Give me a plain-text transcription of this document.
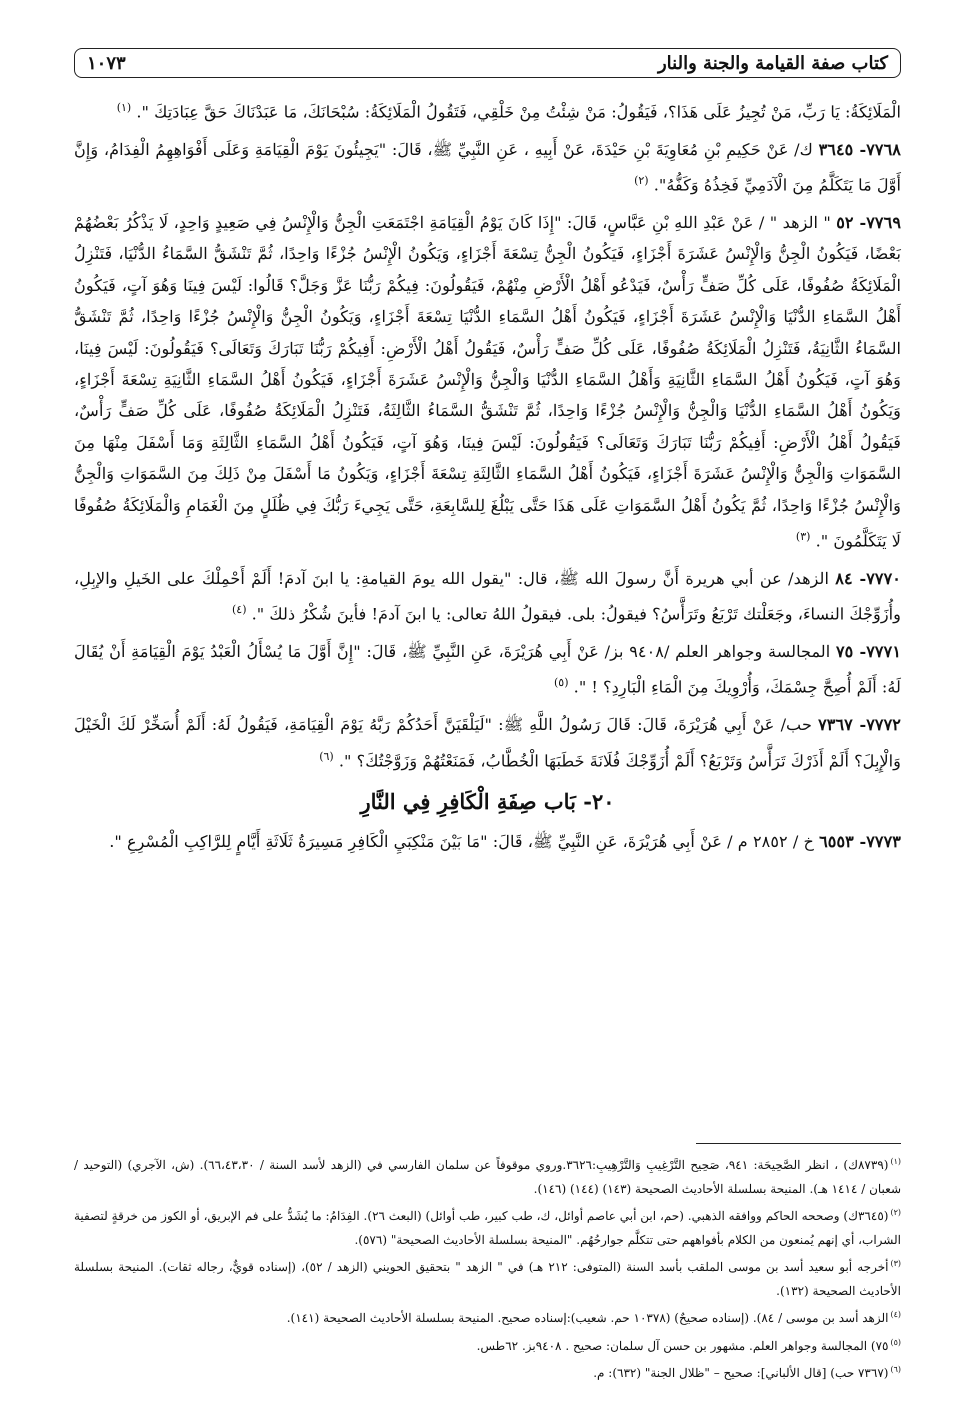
كتاب صفة القيامة والجنة والنار
١٠٧٣

الْمَلَائِكَةُ: يَا رَبِّ، مَنْ تُجِيزُ عَلَى هَذَا؟، فَيَقُولُ: مَنْ شِئْتُ مِنْ خَلْقِي، فَتَقُولُ الْمَلَائِكَةُ: سُبْحَانَكَ، مَا عَبَدْنَاكَ حَقَّ عِبَادَتِكَ ". $^{(١)}$

٧٧٦٨- ٣٦٤٥ ك/ عَنْ حَكِيمِ بْنِ مُعَاوِيَةَ بْنِ حَيْدَةَ، عَنْ أَبِيهِ ، عَنِ النَّبِيِّ ﷺ، قَالَ: "يَجِيئُونَ يَوْمَ الْقِيَامَةِ وَعَلَى أَفْوَاهِهِمُ الْفِدَامُ، وَإِنَّ أَوَّلَ مَا يَتَكَلَّمُ مِنَ الْآدَمِيِّ فَخِذُهُ وَكَفُّهُ". $^{(٢)}$

٧٧٦٩- ٥٢ " الزهد " / عَنْ عَبْدِ اللهِ بْنِ عَبَّاسٍ، قَالَ: "إِذَا كَانَ يَوْمُ الْقِيَامَةِ اجْتَمَعَتِ الْجِنُّ وَالْإِنْسُ فِي صَعِيدٍ وَاحِدٍ، لَا يَذْكُرُ بَعْضُهُمْ بَعْضًا، فَيَكُونُ الْجِنُّ وَالْإِنْسُ عَشَرَةَ أَجْزَاءٍ، فَيَكُونُ الْجِنُّ تِسْعَةَ أَجْزَاءٍ، وَيَكُونُ الْإِنْسُ جُزْءًا وَاحِدًا، ثُمَّ تَنْشَقُّ السَّمَاءُ الدُّنْيَا، فَتَنْزِلُ الْمَلَائِكَةُ صُفُوفًا، عَلَى كُلِّ صَفٍّ رَأْسٌ، فَيَدْعُو أَهْلُ الْأَرْضِ مِنْهُمْ، فَيَقُولُونَ: فِيكُمْ رَبُّنَا عَزَّ وَجَلَّ؟ قَالُوا: لَيْسَ فِينَا وَهُوَ آتٍ، فَيَكُونُ أَهْلُ السَّمَاءِ الدُّنْيَا وَالْإِنْسُ عَشَرَةَ أَجْزَاءٍ، فَيَكُونُ أَهْلُ السَّمَاءِ الدُّنْيَا تِسْعَةَ أَجْزَاءٍ، وَيَكُونُ الْجِنُّ وَالْإِنْسُ جُزْءًا وَاحِدًا، ثُمَّ تَنْشَقُّ السَّمَاءُ الثَّانِيَةُ، فَتَنْزِلُ الْمَلَائِكَةُ صُفُوفًا، عَلَى كُلِّ صَفٍّ رَأْسٌ، فَيَقُولُ أَهْلُ الْأَرْضِ: أَفِيكُمْ رَبُّنَا تَبَارَكَ وَتَعَالَى؟ فَيَقُولُونَ: لَيْسَ فِينَا، وَهُوَ آتٍ، فَيَكُونُ أَهْلُ السَّمَاءِ الثَّانِيَةِ وَأَهْلُ السَّمَاءِ الدُّنْيَا وَالْجِنُّ وَالْإِنْسُ عَشَرَةَ أَجْزَاءٍ، فَيَكُونُ أَهْلُ السَّمَاءِ الثَّانِيَةِ تِسْعَةَ أَجْزَاءٍ، وَيَكُونُ أَهْلُ السَّمَاءِ الدُّنْيَا وَالْجِنُّ وَالْإِنْسُ جُزْءًا وَاحِدًا، ثُمَّ تَنْشَقُّ السَّمَاءُ الثَّالِثَةُ، فَتَنْزِلُ الْمَلَائِكَةُ صُفُوفًا، عَلَى كُلِّ صَفٍّ رَأْسٌ، فَيَقُولُ أَهْلُ الْأَرْضِ: أَفِيكُمْ رَبُّنَا تَبَارَكَ وَتَعَالَى؟ فَيَقُولُونَ: لَيْسَ فِينَا، وَهُوَ آتٍ، فَيَكُونُ أَهْلُ السَّمَاءِ الثَّالِثَةِ وَمَا أَسْفَلَ مِنْهَا مِنَ السَّمَوَاتِ وَالْجِنُّ وَالْإِنْسُ عَشَرَةَ أَجْزَاءٍ، فَيَكُونُ أَهْلُ السَّمَاءِ الثَّالِثَةِ تِسْعَةَ أَجْزَاءٍ، وَيَكُونُ مَا أَسْفَلَ مِنْ ذَلِكَ مِنَ السَّمَوَاتِ وَالْجِنُّ وَالْإِنْسُ جُزْءًا وَاحِدًا، ثُمَّ يَكُونُ أَهْلُ السَّمَوَاتِ عَلَى هَذَا حَتَّى يَبْلُغَ لِلسَّابِعَةِ، حَتَّى يَجِيءَ رَبُّكَ فِي ظُلَلٍ مِنَ الْغَمَامِ وَالْمَلَائِكَةُ صُفُوفًا لَا يَتَكَلَّمُونَ ". $^{(٣)}$

٧٧٧٠- ٨٤ الزهد/ عن أبي هريرة أَنَّ رسولَ الله ﷺ، قال: "يقول الله يومَ القيامةِ: يا ابنَ آدمَ! أَلَمْ أَحْمِلْكَ على الخَيلِ والإبِلِ، وأُزَوِّجْكَ النساءَ، وجَعَلْتك تَرْبَعُ وتَرَأَّسُ؟ فيقولُ: بلى. فيقولُ اللهُ تعالى: يا ابنَ آدمَ! فأينَ شُكْرُ ذلكَ ". $^{(٤)}$

٧٧٧١- ٧٥ المجالسة وجواهر العلم /٩٤٠٨ بز/ عَنْ أَبِي هُرَيْرَةَ، عَنِ النَّبِيِّ ﷺ، قَالَ: "إِنَّ أَوَّلَ مَا يُسْأَلُ الْعَبْدُ يَوْمَ الْقِيَامَةِ أَنْ يُقَالَ لَهُ: أَلَمْ أُصِحَّ جِسْمَكَ، وَأُرْوِيكَ مِنَ الْمَاءِ الْبَارِدِ؟ ! ". $^{(٥)}$

٧٧٧٢- ٧٣٦٧ حب/ عَنْ أَبِي هُرَيْرَةَ، قَالَ: قَالَ رَسُولُ اللَّهِ ﷺ: "لَيَلْقَيَنَّ أَحَدُكُمْ رَبَّهُ يَوْمَ الْقِيَامَةِ، فَيَقُولُ لَهُ: أَلَمْ أُسَخِّرْ لَكَ الْخَيْلَ وَالْإِبِلَ؟ أَلَمْ أَذَرْكَ تَرَأَّسُ وَتَرْبَعُ؟ أَلَمْ أُزَوِّجْكَ فُلَانَةَ خَطَبَهَا الْخُطَّابُ، فَمَنَعْتُهُمْ وَزَوَّجْتُكَ؟ ". $^{(٦)}$

٢٠- بَاب صِفَةِ الْكَافِرِ فِي النَّارِ

٧٧٧٣- ٦٥٥٣ خ / ٢٨٥٢ م / عَنْ أَبِي هُرَيْرَةَ، عَنِ النَّبِيِّ ﷺ، قَالَ: "مَا بَيْنَ مَنْكِبَيِ الْكَافِرِ مَسِيرَةُ ثَلَاثَةِ أَيَّامٍ لِلرَّاكِبِ الْمُسْرِعِ ".

$^{(١)}$(٨٧٣٩ك) ، انظر الصَّحِيحَة: ٩٤١، صَحِيح التَّرْغِيبِ وَالتَّرْهِيبِ:٣٦٢٦.وروي موقوفاً عن سلمان الفارسي في (الزهد لأسد السنة / ٦٦،٤٣،٣٠). (ش، الآجري) (التوحيد / شعبان / ١٤١٤ هـ). المنيحة بسلسلة الأحاديث الصحيحة (١٤٣) (١٤٤) (١٤٦).

$^{(٢)}$(٣٦٤٥ك) وصححه الحاكم ووافقه الذهبي. (حم، ابن أبي عاصم أوائل، ك، طب كبير، طب أوائل) (البعث ٢٦). الفِدَامُ: ما يُشَدُّ على فم الإبريق، أو الكوز من خرقةٍ لتصفية الشراب، أي إنهم يُمنعون من الكلام بأفواههم حتى تتكلَّم جوارحُهُم. "المنيحة بسلسلة الأحاديث الصحيحة" (٥٧٦).

$^{(٣)}$أخرجه أبو سعيد أسد بن موسى الملقب بأسد السنة (المتوفى: ٢١٢ هـ) في " الزهد " بتحقيق الحويني (الزهد / ٥٢)، (إسناده قويٌّ، رجاله ثقات). المنيحة بسلسلة الأحاديث الصحيحة (١٣٢).

$^{(٤)}$الزهد أسد بن موسى / ٨٤). (إسناده صحيحٌ) (١٠٣٧٨ حم. شعيب):إسناده صحيح. المنيحة بسلسلة الأحاديث الصحيحة (١٤١).

$^{(٥)}$٧٥) المجالسة وجواهر العلم. مشهور بن حسن آل سلمان: صحيح . ٩٤٠٨بز. ٦٢طس.

$^{(٦)}$(٧٣٦٧ حب) [قال الألباني]: صحيح – "ظلال الجنة" (٦٣٢): م.
